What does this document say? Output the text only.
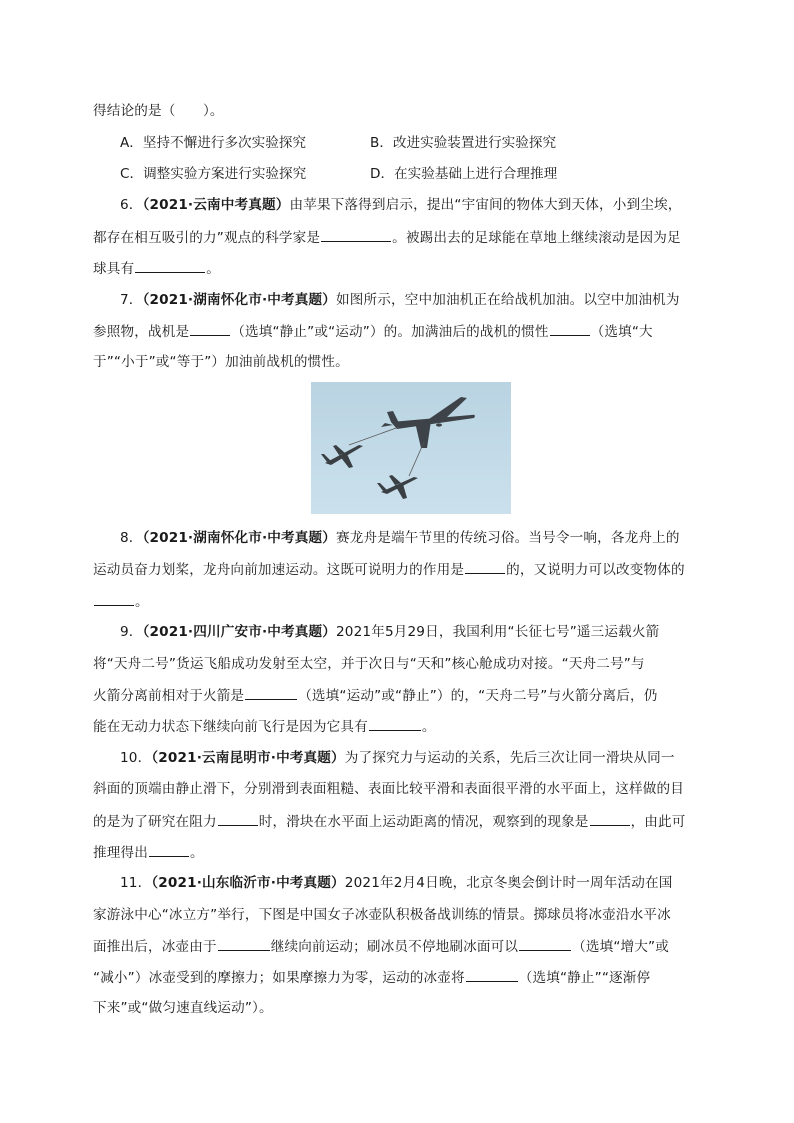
得结论的是（　　）。
A．坚持不懈进行多次实验探究	B．改进实验装置进行实验探究
C．调整实验方案进行实验探究	D．在实验基础上进行合理推理
6．（2021·云南中考真题）由苹果下落得到启示，提出“宇宙间的物体大到天体，小到尘埃，
都存在相互吸引的力”观点的科学家是	。被踢出去的足球能在草地上继续滚动是因为足
球具有	。
7．（2021·湖南怀化市·中考真题）如图所示，空中加油机正在给战机加油。以空中加油机为
参照物，战机是	（选填“静止”或“运动”）的。加满油后的战机的惯性	（选填“大
于”“小于”或“等于”）加油前战机的惯性。
8．（2021·湖南怀化市·中考真题）赛龙舟是端午节里的传统习俗。当号令一响，各龙舟上的
运动员奋力划桨，龙舟向前加速运动。这既可说明力的作用是	的，又说明力可以改变物体的
。
9．（2021·四川广安市·中考真题）2021年5月29日，我国利用“长征七号”遥三运载火箭
将“天舟二号”货运飞船成功发射至太空，并于次日与“天和”核心舱成功对接。“天舟二号”与
火箭分离前相对于火箭是	（选填“运动”或“静止”）的，“天舟二号”与火箭分离后，仍
能在无动力状态下继续向前飞行是因为它具有	。
10．（2021·云南昆明市·中考真题）为了探究力与运动的关系，先后三次让同一滑块从同一
斜面的顶端由静止滑下，分别滑到表面粗糙、表面比较平滑和表面很平滑的水平面上，这样做的目
的是为了研究在阻力	时，滑块在水平面上运动距离的情况，观察到的现象是	，由此可
推理得出	。
11．（2021·山东临沂市·中考真题）2021年2月4日晚，北京冬奥会倒计时一周年活动在国
家游泳中心“冰立方”举行，下图是中国女子冰壶队积极备战训练的情景。掷球员将冰壶沿水平冰
面推出后，冰壶由于	继续向前运动；刷冰员不停地刷冰面可以	（选填“增大”或
“减小”）冰壶受到的摩擦力；如果摩擦力为零，运动的冰壶将	（选填“静止”“逐渐停
下来”或“做匀速直线运动”）。
